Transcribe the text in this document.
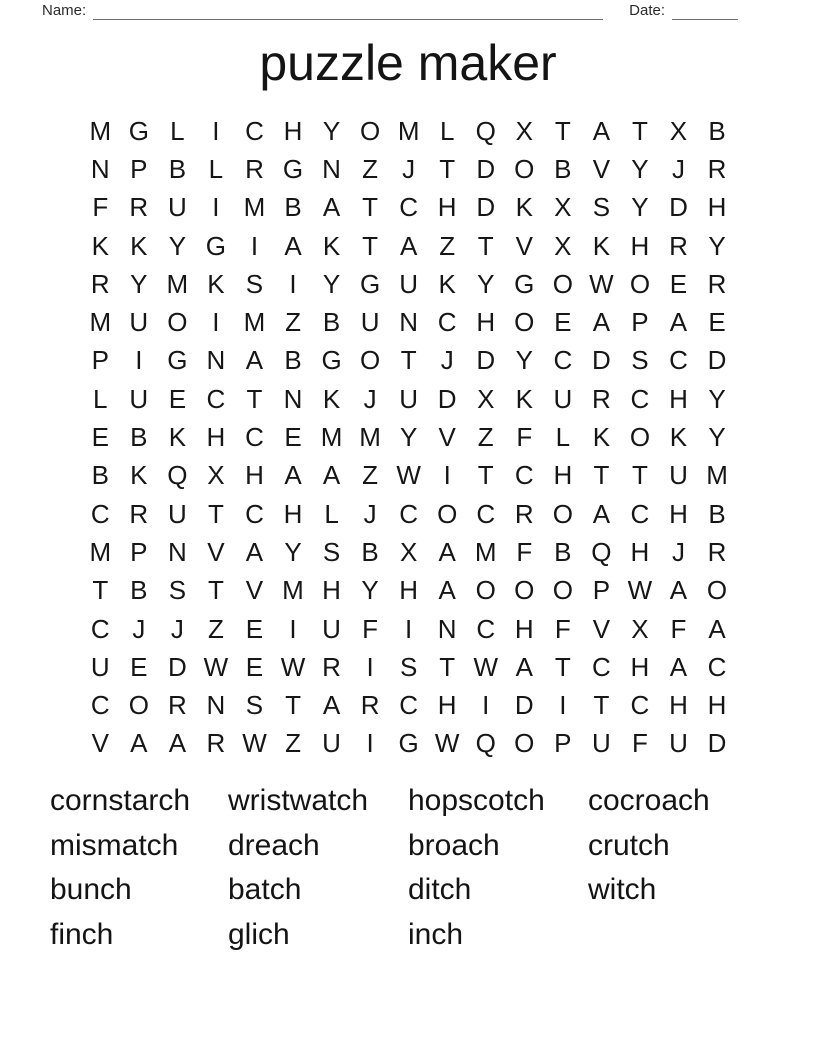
Name:	Date:
puzzle maker
M G L	I C H Y O M L Q X T A T X B
N P B L R G N Z J T D O B V Y J R
F R U I M B A T C H D K X S Y D H
K K Y G I	A K T A Z T V X K H R Y
R Y M K S	I	Y G U K Y G O W O E R
M U O I M Z B U N C H O E A P A E
P	I G N A B G O T J D Y C D S C D
L U E C T N K J U D X K U R C H Y
E B K H C E M M Y V Z F L K O K Y
B K Q X H A A Z W I	T C H T T U M
C R U T C H L J C O C R O A C H B
M P N V A Y S B X A M F B Q H J R
T B S T V M H Y H A O O O P W A O
C J J Z E	I U F	I N C H F V X F A
U E D W E W R I	S T W A T C H A C
C O R N S T A R C H I D I	T C H H
V A A R W Z U I G W Q O P U F U D
cornstarch	wristwatch	hopscotch	cocroach
mismatch	dreach	broach	crutch
bunch	batch	ditch	witch
finch	glich	inch
